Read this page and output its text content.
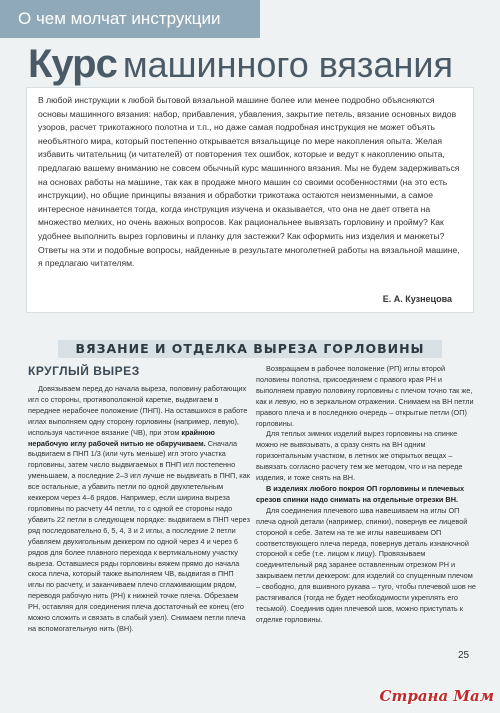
О чем молчат инструкции
Курс машинного вязания
В любой инструкции к любой бытовой вязальной машине более или менее подробно объясняются основы машинного вязания: набор, прибавления, убавления, закрытие петель, вязание основных видов узоров, расчет трикотажного полотна и т.п., но даже самая подробная инструкция не может объять необъятного мира, который постепенно открывается вязальщице по мере накопления опыта. Желая избавить читательниц (и читателей) от повторения тех ошибок, которые и ведут к накоплению опыта, предлагаю вашему вниманию не совсем обычный курс машинного вязания. Мы не будем задерживаться на основах работы на машине, так как в продаже много машин со своими особенностями (на это есть инструкции), но общие принципы вязания и обработки трикотажа остаются неизменными, а самое интересное начинается тогда, когда инструкция изучена и оказывается, что она не дает ответа на множество мелких, но очень важных вопросов. Как рациональнее вывязать горловину и пройму? Как удобнее выполнить вырез горловины и планку для застежки? Как оформить низ изделия и манжеты? Ответы на эти и подобные вопросы, найденные в результате многолетней работы на вязальной машине, я предлагаю читателям.
Е. А. Кузнецова
ВЯЗАНИЕ И ОТДЕЛКА ВЫРЕЗА ГОРЛОВИНЫ
КРУГЛЫЙ ВЫРЕЗ

Довязываем перед до начала выреза, половину работающих игл со стороны, противоположной каретке, выдвигаем в переднее нерабочее положение (ПНП). На оставшихся в работе иглах выполняем одну сторону горловины (например, левую), используя частичное вязание (ЧВ), при этом крайнюю нерабочую иглу рабочей нитью не обкручиваем. Сначала выдвигаем в ПНП 1/3 (или чуть меньше) игл этого участка горловины, затем число выдвигаемых в ПНП игл постепенно уменьшаем, а последние 2–3 игл лучше не выдвигать в ПНП, как все остальные, а убавить петли по одной двухпетельным кеккером через 4–6 рядов. Например, если ширина выреза горловины по расчету 44 петли, то с одной ее стороны надо убавить 22 петли в следующем порядке: выдвигаем в ПНП через ряд последовательно 6, 5, 4, 3 и 2 иглы, а последние 2 петли убавляем двухигольным деккером по одной через 4 и через 6 рядов для более плавного перехода к вертикальному участку выреза. Оставшиеся ряды горловины вяжем прямо до начала скоса плеча, который также выполняем ЧВ, выдвигая в ПНП иглы по расчету, и заканчиваем плечо сглаживающим рядом, переводя рабочую нить (РН) к нижней точке плеча. Обрезаем РН, оставляя для соединения плеча достаточный ее конец (его можно сложить и связать в слабый узел). Снимаем петли плеча на вспомогательную нить (ВН).

Возвращаем в рабочее положение (РП) иглы второй половины полотна, присоединяем с правого края РН и выполняем правую половину горловины с плечом точно так же, как и левую, но в зеркальном отражении. Снимаем на ВН петли правого плеча и в последнюю очередь – открытые петли (ОП) горловины.

Для теплых зимних изделий вырез горловины на спинке можно не вывязывать, а сразу снять на ВН одним горизонтальным участком, в летних же открытых вещах – вывязать согласно расчету тем же методом, что и на переде изделия, и тоже снять на ВН.

В изделиях любого покроя ОП горловины и плечевых срезов спинки надо снимать на отдельные отрезки ВН.

Для соединения плечевого шва навешиваем на иглы ОП плеча одной детали (например, спинки), повернув ее лицевой стороной к себе. Затем на те же иглы навешиваем ОП соответствующего плеча переда, повернув деталь изнаночной стороной к себе (т.е. лицом к лицу). Провязываем соединительный ряд заранее оставленным отрезком РН и закрываем петли деккером: для изделий со спущенным плечом – свободно, для вшивного рукава – туго, чтобы плечевой шов не растягивался (тогда не будет необходимости укреплять его тесьмой). Соединив один плечевой шов, можно приступать к отделке горловины.

25
Страна Мам
